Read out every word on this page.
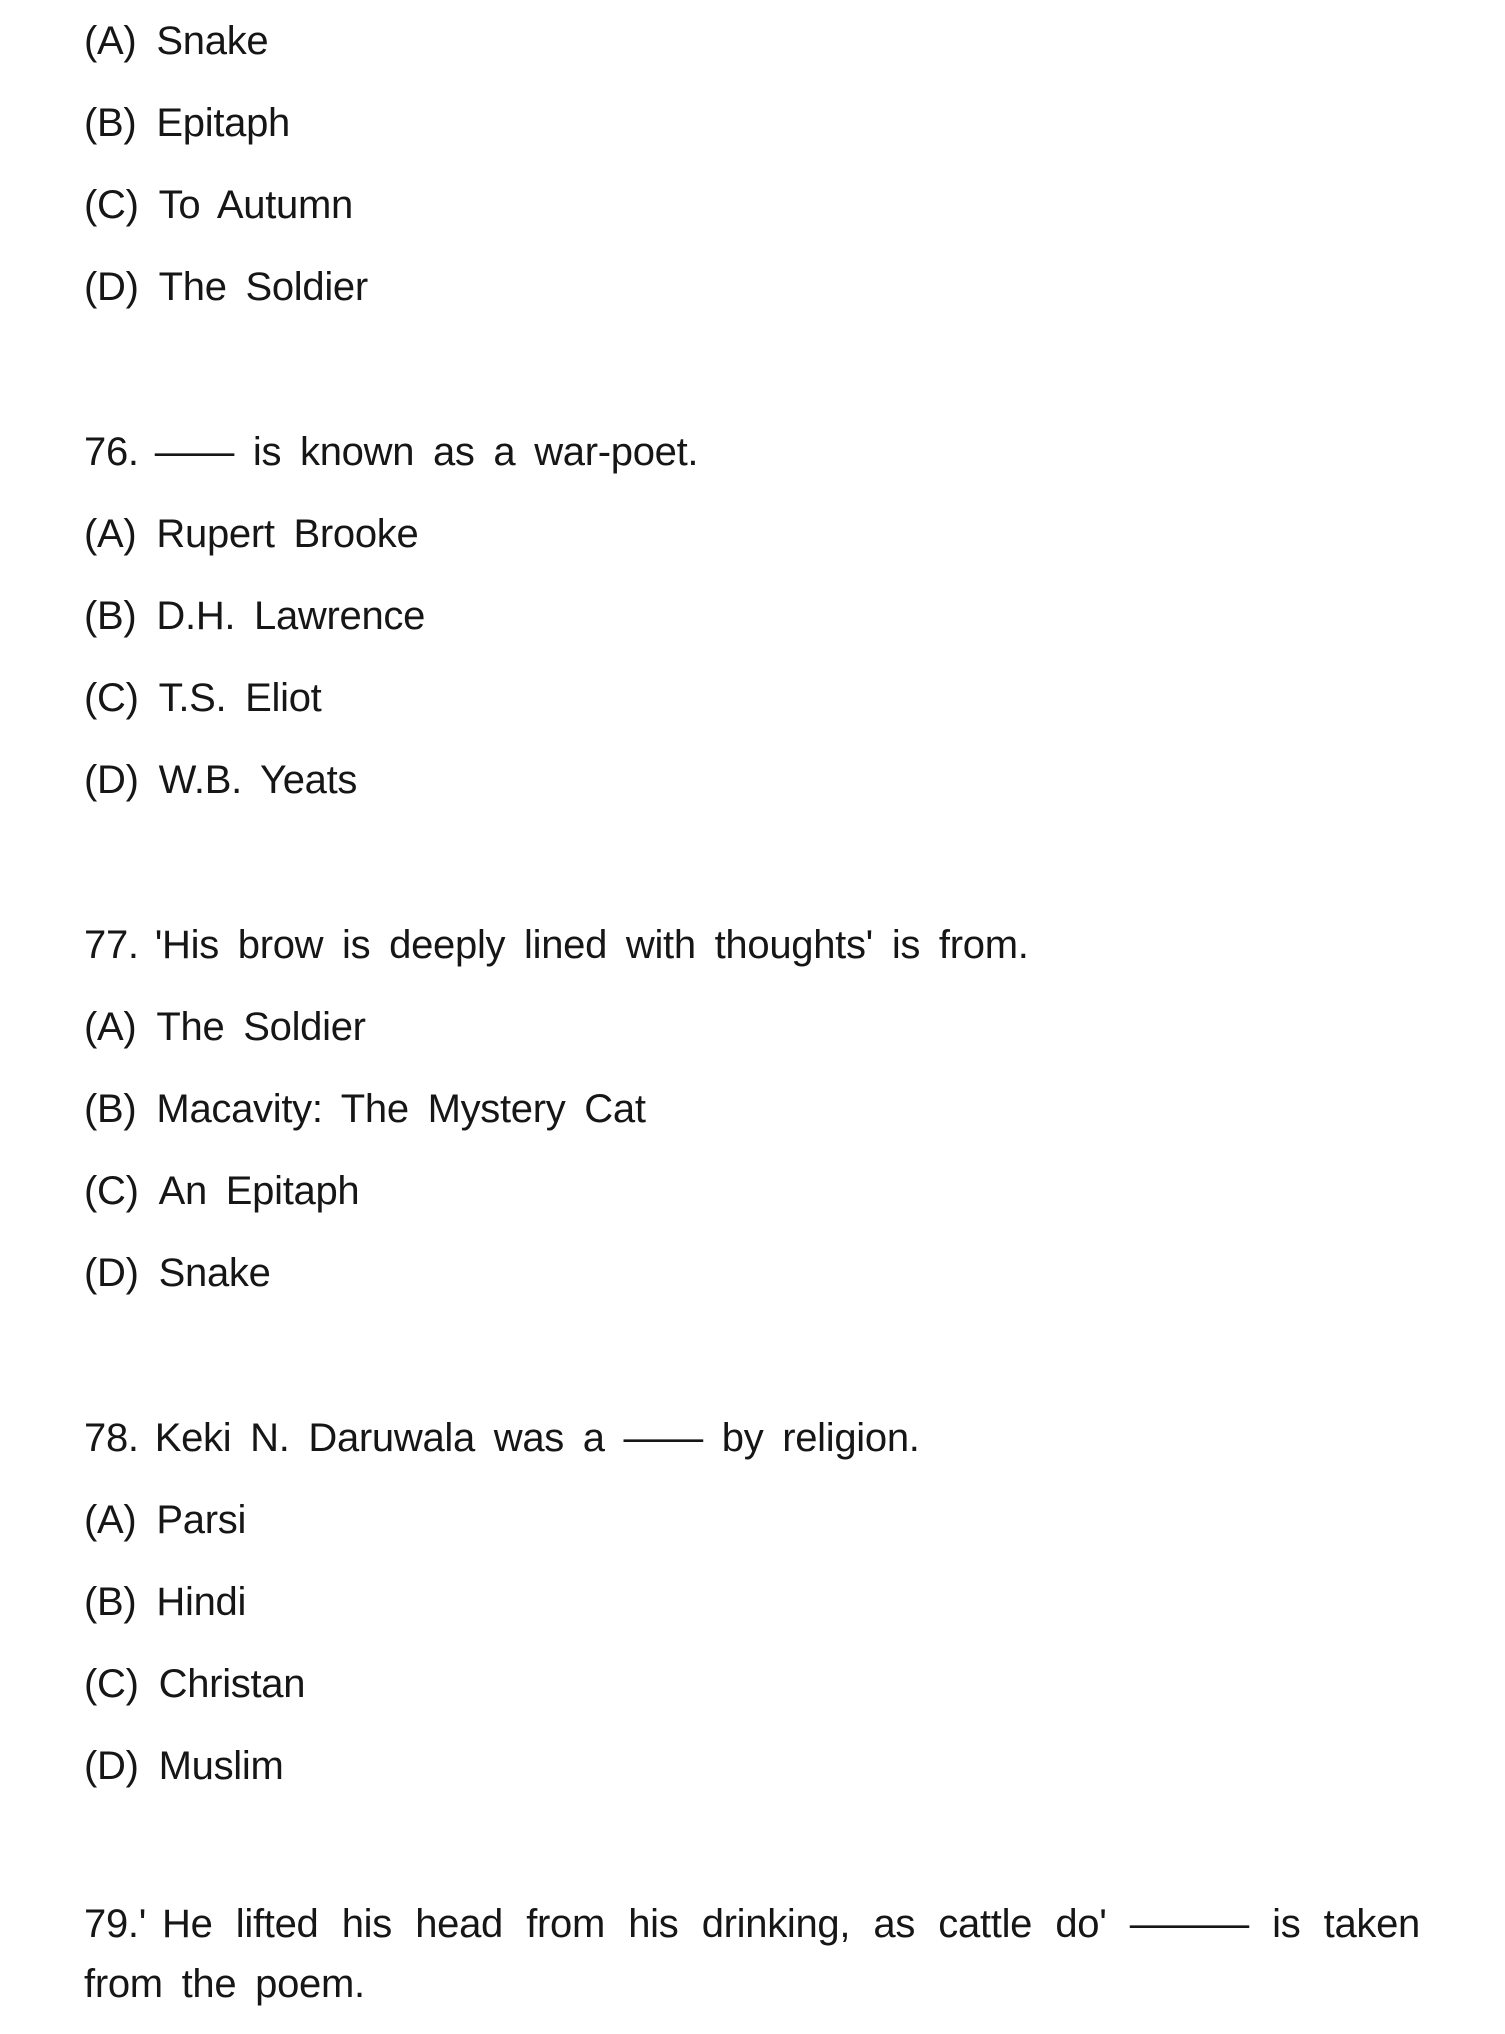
(A) Snake
(B) Epitaph
(C) To Autumn
(D) The Soldier
76. —— is known as a war-poet.
(A) Rupert Brooke
(B) D.H. Lawrence
(C) T.S. Eliot
(D) W.B. Yeats
77. 'His brow is deeply lined with thoughts' is from.
(A) The Soldier
(B) Macavity: The Mystery Cat
(C) An Epitaph
(D) Snake
78. Keki N. Daruwala was a —— by religion.
(A) Parsi
(B) Hindi
(C) Christan
(D) Muslim
79.' He lifted his head from his drinking, as cattle do' ——— is taken
from the poem.
